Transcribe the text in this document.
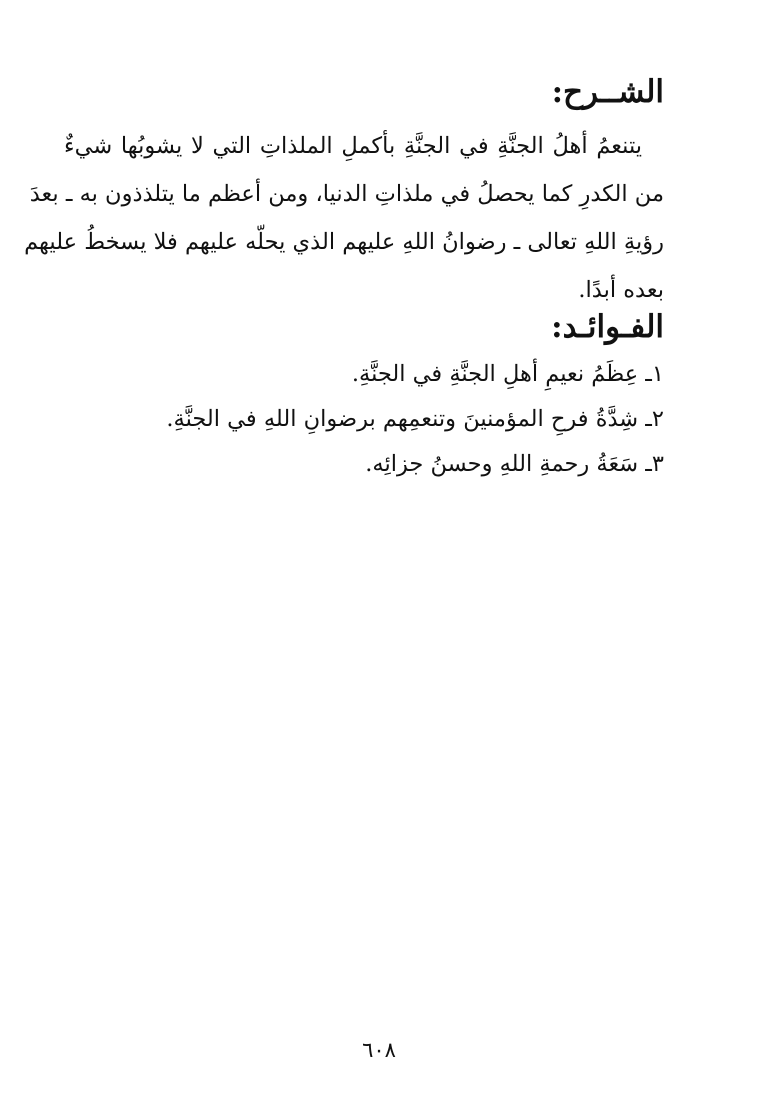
الشــرح:
يتنعمُ أهلُ الجنَّةِ في الجنَّةِ بأكملِ الملذاتِ التي لا يشوبُها شيءٌ
من الكدرِ كما يحصلُ في ملذاتِ الدنيا، ومن أعظم ما يتلذذون به ـ بعدَ
رؤيةِ اللهِ تعالى ـ رضوانُ اللهِ عليهم الذي يحلّه عليهم فلا يسخطُ عليهم
بعده أبدًا.
الفـوائـد:
١ـ عِظَمُ نعيمِ أهلِ الجنَّةِ في الجنَّةِ.
٢ـ شِدَّةُ فرحِ المؤمنينَ وتنعمِهم برضوانِ اللهِ في الجنَّةِ.
٣ـ سَعَةُ رحمةِ اللهِ وحسنُ جزائِه.
٦٠٨
